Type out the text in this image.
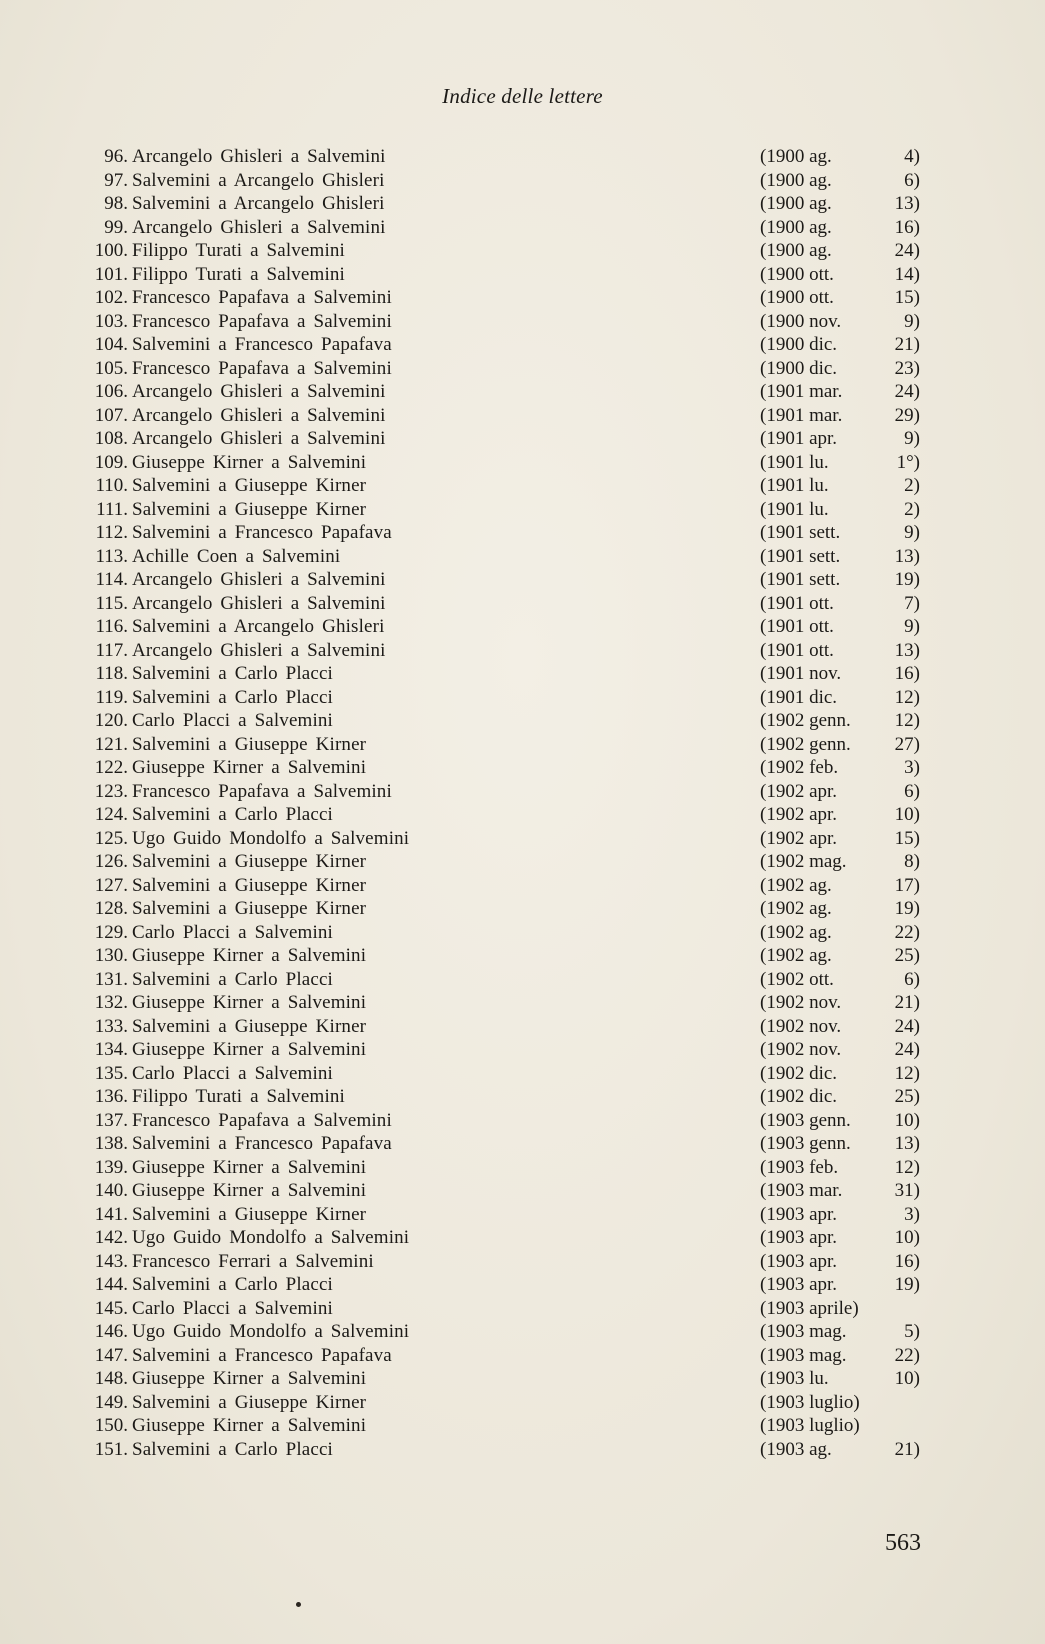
Indice delle lettere
96. Arcangelo Ghisleri a Salvemini	(1900 ag.	4)
97. Salvemini a Arcangelo Ghisleri	(1900 ag.	6)
98. Salvemini a Arcangelo Ghisleri	(1900 ag.	13)
99. Arcangelo Ghisleri a Salvemini	(1900 ag.	16)
100. Filippo Turati a Salvemini	(1900 ag.	24)
101. Filippo Turati a Salvemini	(1900 ott.	14)
102. Francesco Papafava a Salvemini	(1900 ott.	15)
103. Francesco Papafava a Salvemini	(1900 nov.	9)
104. Salvemini a Francesco Papafava	(1900 dic.	21)
105. Francesco Papafava a Salvemini	(1900 dic.	23)
106. Arcangelo Ghisleri a Salvemini	(1901 mar.	24)
107. Arcangelo Ghisleri a Salvemini	(1901 mar.	29)
108. Arcangelo Ghisleri a Salvemini	(1901 apr.	9)
109. Giuseppe Kirner a Salvemini	(1901 lu.	1°)
110. Salvemini a Giuseppe Kirner	(1901 lu.	2)
111. Salvemini a Giuseppe Kirner	(1901 lu.	2)
112. Salvemini a Francesco Papafava	(1901 sett.	9)
113. Achille Coen a Salvemini	(1901 sett.	13)
114. Arcangelo Ghisleri a Salvemini	(1901 sett.	19)
115. Arcangelo Ghisleri a Salvemini	(1901 ott.	7)
116. Salvemini a Arcangelo Ghisleri	(1901 ott.	9)
117. Arcangelo Ghisleri a Salvemini	(1901 ott.	13)
118. Salvemini a Carlo Placci	(1901 nov.	16)
119. Salvemini a Carlo Placci	(1901 dic.	12)
120. Carlo Placci a Salvemini	(1902 genn. 12)
121. Salvemini a Giuseppe Kirner	(1902 genn. 27)
122. Giuseppe Kirner a Salvemini	(1902 feb.	3)
123. Francesco Papafava a Salvemini	(1902 apr.	6)
124. Salvemini a Carlo Placci	(1902 apr.	10)
125. Ugo Guido Mondolfo a Salvemini	(1902 apr.	15)
126. Salvemini a Giuseppe Kirner	(1902 mag.	8)
127. Salvemini a Giuseppe Kirner	(1902 ag.	17)
128. Salvemini a Giuseppe Kirner	(1902 ag.	19)
129. Carlo Placci a Salvemini	(1902 ag.	22)
130. Giuseppe Kirner a Salvemini	(1902 ag.	25)
131. Salvemini a Carlo Placci	(1902 ott.	6)
132. Giuseppe Kirner a Salvemini	(1902 nov.	21)
133. Salvemini a Giuseppe Kirner	(1902 nov.	24)
134. Giuseppe Kirner a Salvemini	(1902 nov.	24)
135. Carlo Placci a Salvemini	(1902 dic.	12)
136. Filippo Turati a Salvemini	(1902 dic.	25)
137. Francesco Papafava a Salvemini	(1903 genn. 10)
138. Salvemini a Francesco Papafava	(1903 genn. 13)
139. Giuseppe Kirner a Salvemini	(1903 feb.	12)
140. Giuseppe Kirner a Salvemini	(1903 mar.	31)
141. Salvemini a Giuseppe Kirner	(1903 apr.	3)
142. Ugo Guido Mondolfo a Salvemini	(1903 apr.	10)
143. Francesco Ferrari a Salvemini	(1903 apr.	16)
144. Salvemini a Carlo Placci	(1903 apr.	19)
145. Carlo Placci a Salvemini	(1903 aprile)
146. Ugo Guido Mondolfo a Salvemini	(1903 mag.	5)
147. Salvemini a Francesco Papafava	(1903 mag.	22)
148. Giuseppe Kirner a Salvemini	(1903 lu.	10)
149. Salvemini a Giuseppe Kirner	(1903 luglio)
150. Giuseppe Kirner a Salvemini	(1903 luglio)
151. Salvemini a Carlo Placci	(1903 ag.	21)
563
